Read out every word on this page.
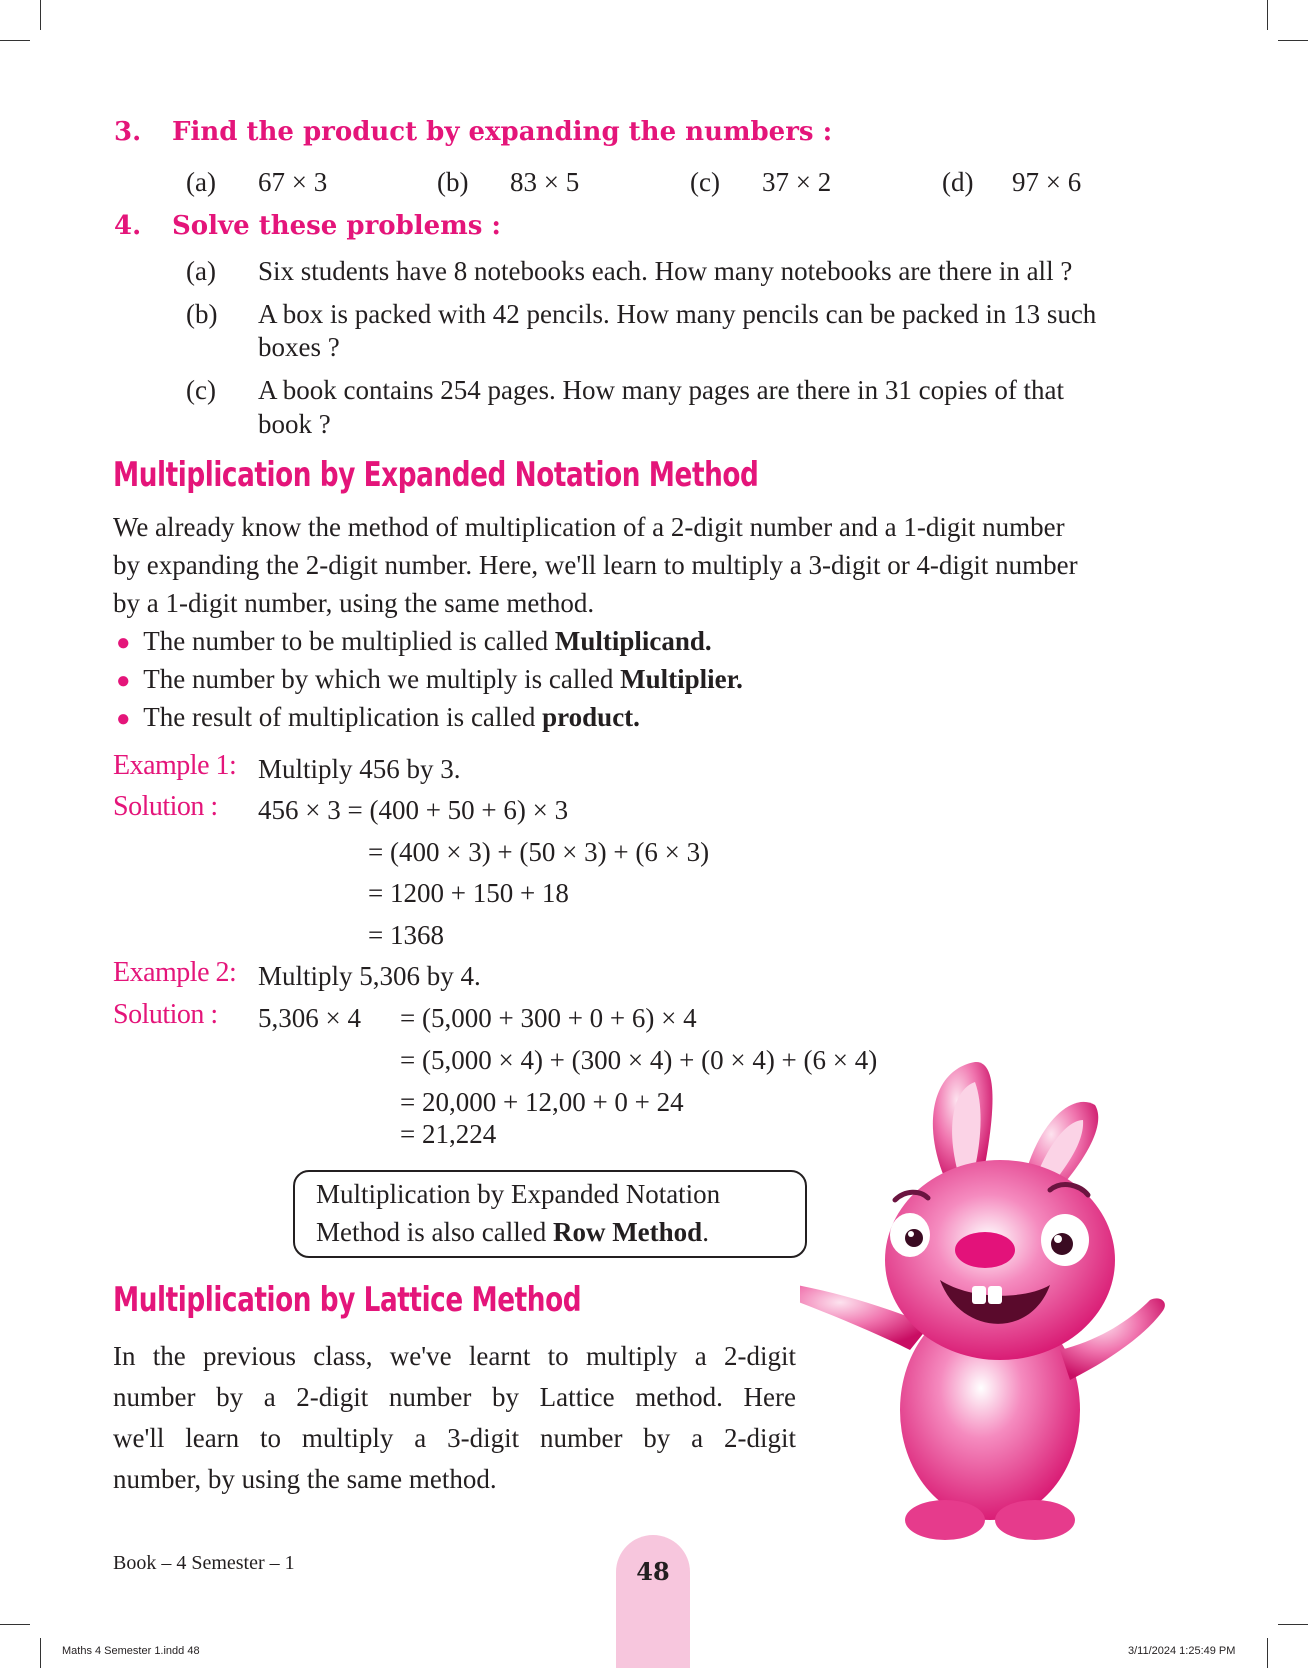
3. Find the product by expanding the numbers :
(a) 67 × 3	(b) 83 × 5	(c) 37 × 2	(d) 97 × 6
4. Solve these problems :
(a) Six students have 8 notebooks each. How many notebooks are there in all ?
(b) A box is packed with 42 pencils. How many pencils can be packed in 13 such
boxes ?
(c) A book contains 254 pages. How many pages are there in 31 copies of that
book ?
Multiplication by Expanded Notation Method
We already know the method of multiplication of a 2-digit number and a 1-digit number
by expanding the 2-digit number. Here, we'll learn to multiply a 3-digit or 4-digit number
by a 1-digit number, using the same method.
● The number to be multiplied is called Multiplicand.
● The number by which we multiply is called Multiplier.
● The result of multiplication is called product.
Example 1: Multiply 456 by 3.
Solution : 456 × 3 = (400 + 50 + 6) × 3
= (400 × 3) + (50 × 3) + (6 × 3)
= 1200 + 150 + 18
= 1368
Example 2: Multiply 5,306 by 4.
Solution : 5,306 × 4 = (5,000 + 300 + 0 + 6) × 4
= (5,000 × 4) + (300 × 4) + (0 × 4) + (6 × 4)
= 20,000 + 12,00 + 0 + 24
= 21,224
Multiplication by Expanded Notation
Method is also called Row Method.
Multiplication by Lattice Method
In the previous class, we've learnt to multiply a 2-digit
number by a 2-digit number by Lattice method. Here
we'll learn to multiply a 3-digit number by a 2-digit
number, by using the same method.
Book – 4 Semester – 1	48
Maths 4 Semester 1.indd 48	3/11/2024 1:25:49 PM
